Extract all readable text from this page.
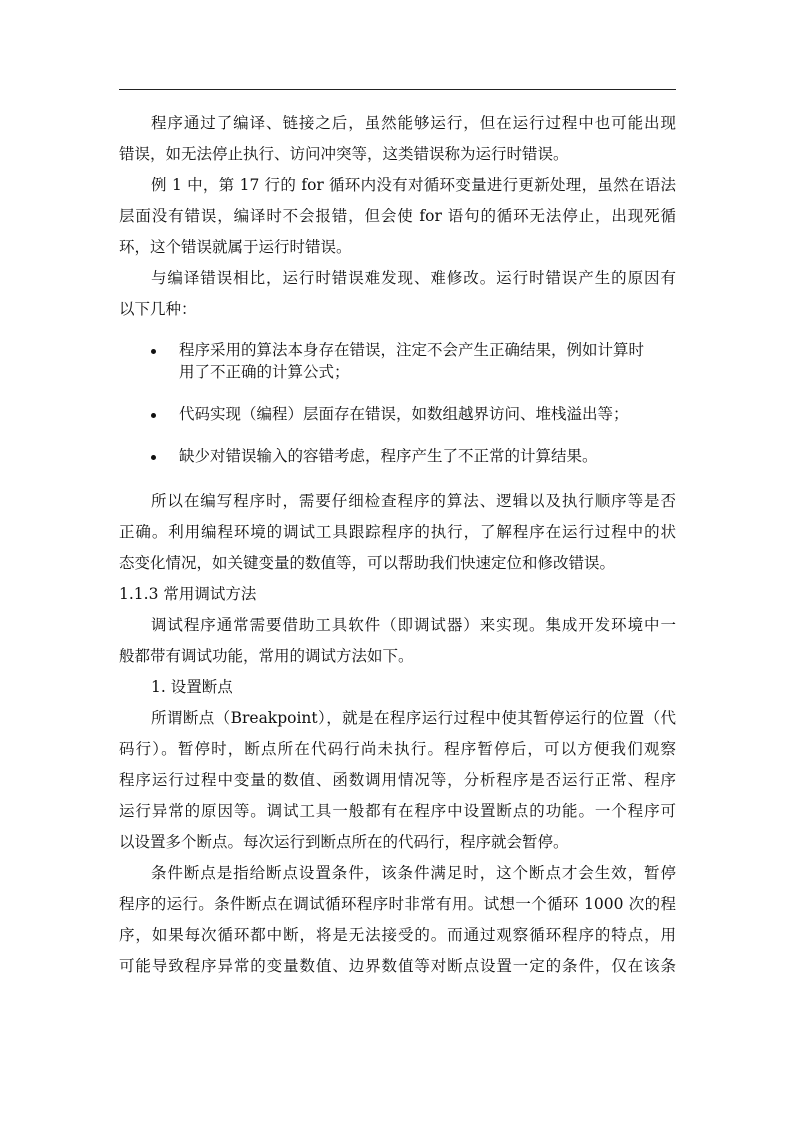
程序通过了编译、链接之后，虽然能够运行，但在运行过程中也可能出现
错误，如无法停止执行、访问冲突等，这类错误称为运行时错误。
例 1 中，第 17 行的 for 循环内没有对循环变量进行更新处理，虽然在语法
层面没有错误，编译时不会报错，但会使 for 语句的循环无法停止，出现死循
环，这个错误就属于运行时错误。
与编译错误相比，运行时错误难发现、难修改。运行时错误产生的原因有
以下几种：
程序采用的算法本身存在错误，注定不会产生正确结果，例如计算时
用了不正确的计算公式；
代码实现（编程）层面存在错误，如数组越界访问、堆栈溢出等；
缺少对错误输入的容错考虑，程序产生了不正常的计算结果。
所以在编写程序时，需要仔细检查程序的算法、逻辑以及执行顺序等是否
正确。利用编程环境的调试工具跟踪程序的执行，了解程序在运行过程中的状
态变化情况，如关键变量的数值等，可以帮助我们快速定位和修改错误。
1.1.3 常用调试方法
调试程序通常需要借助工具软件（即调试器）来实现。集成开发环境中一
般都带有调试功能，常用的调试方法如下。
1. 设置断点
所谓断点（Breakpoint），就是在程序运行过程中使其暂停运行的位置（代
码行）。暂停时，断点所在代码行尚未执行。程序暂停后，可以方便我们观察
程序运行过程中变量的数值、函数调用情况等，分析程序是否运行正常、程序
运行异常的原因等。调试工具一般都有在程序中设置断点的功能。一个程序可
以设置多个断点。每次运行到断点所在的代码行，程序就会暂停。
条件断点是指给断点设置条件，该条件满足时，这个断点才会生效，暂停
程序的运行。条件断点在调试循环程序时非常有用。试想一个循环 1000 次的程
序，如果每次循环都中断，将是无法接受的。而通过观察循环程序的特点，用
可能导致程序异常的变量数值、边界数值等对断点设置一定的条件，仅在该条
